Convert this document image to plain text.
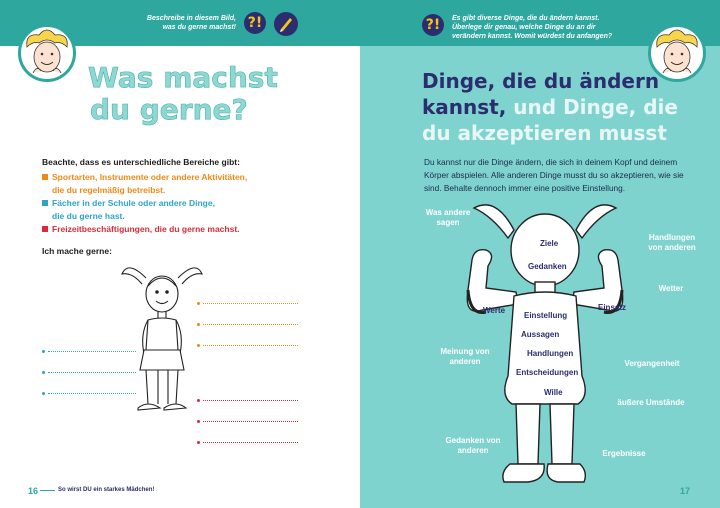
Beschreibe in diesem Bild,
was du gerne machst! ?!
Was machst
du gerne?
Beachte, dass es unterschiedliche Bereiche gibt:
Sportarten, Instrumente oder andere Aktivitäten,
die du regelmäßig betreibst.
Fächer in der Schule oder andere Dinge,
die du gerne hast.
Freizeitbeschäftigungen, die du gerne machst.
Ich mache gerne:
16	So wirst DU ein starkes Mädchen!
?!	Es gibt diverse Dinge, die du ändern kannst.
Überlege dir genau, welche Dinge du an dir
verändern kannst. Womit würdest du anfangen?
Dinge, die du ändern
kannst, und Dinge, die
du akzeptieren musst
Du kannst nur die Dinge ändern, die sich in deinem Kopf und deinem Körper abspielen. Alle anderen Dinge musst du so akzeptieren, wie sie sind. Behalte dennoch immer eine positive Einstellung.
Ziele
Gedanken
Werte	Einsatz
Einstellung
Aussagen
Handlungen
Entscheidungen
Wille
Was andere sagen
Handlungen von anderen
Wetter
Meinung von anderen	Vergangenheit
äußere Umstände
Gedanken von anderen	Ergebnisse
17
